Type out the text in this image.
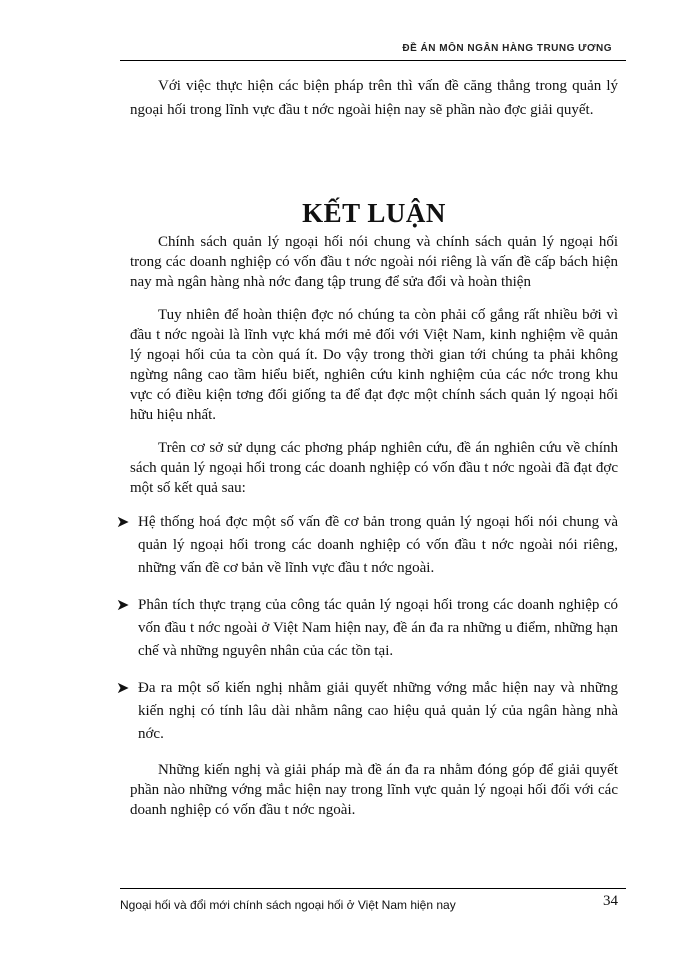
ĐỀ ÁN MÔN NGÂN HÀNG TRUNG ƯƠNG

Với việc thực hiện các biện pháp trên thì vấn đề căng thẳng trong quản lý ngoại hối trong lĩnh vực đầu t nớc ngoài hiện nay sẽ phần nào đợc giải quyết.

KẾT LUẬN

Chính sách quản lý ngoại hối nói chung và chính sách quản lý ngoại hối trong các doanh nghiệp có vốn đầu t nớc ngoài nói riêng là vấn đề cấp bách hiện nay mà ngân hàng nhà nớc đang tập trung để sửa đổi và hoàn thiện

Tuy nhiên để hoàn thiện đợc nó chúng ta còn phải cố gắng rất nhiều bởi vì đầu t nớc ngoài là lĩnh vực khá mới mẻ đối với Việt Nam, kinh nghiệm về quản lý ngoại hối của ta còn quá ít. Do vậy trong thời gian tới chúng ta phải không ngừng nâng cao tầm hiểu biết, nghiên cứu kinh nghiệm của các nớc trong khu vực có điều kiện tơng đối giống ta để đạt đợc một chính sách quản lý ngoại hối hữu hiệu nhất.

Trên cơ sở sử dụng các phơng pháp nghiên cứu, đề án nghiên cứu về chính sách quản lý ngoại hối trong các doanh nghiệp có vốn đầu t nớc ngoài đã đạt đợc một số kết quả sau:

➤ Hệ thống hoá đợc một số vấn đề cơ bản trong quản lý ngoại hối nói chung và quản lý ngoại hối trong các doanh nghiệp có vốn đầu t nớc ngoài nói riêng, những vấn đề cơ bản về lĩnh vực đầu t nớc ngoài.
➤ Phân tích thực trạng của công tác quản lý ngoại hối trong các doanh nghiệp có vốn đầu t nớc ngoài ở Việt Nam hiện nay, đề án đa ra những u điểm, những hạn chế và những nguyên nhân của các tồn tại.
➤ Đa ra một số kiến nghị nhằm giải quyết những vớng mắc hiện nay và những kiến nghị có tính lâu dài nhằm nâng cao hiệu quả quản lý của ngân hàng nhà nớc.

Những kiến nghị và giải pháp mà đề án đa ra nhằm đóng góp để giải quyết phần nào những vớng mắc hiện nay trong lĩnh vực quản lý ngoại hối đối với các doanh nghiệp có vốn đầu t nớc ngoài.

Ngoại hối và đổi mới chính sách ngoại hối ở Việt Nam hiện nay	34
